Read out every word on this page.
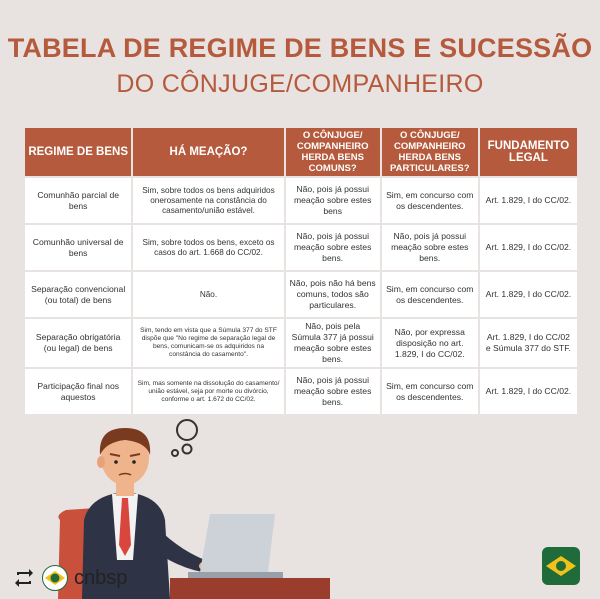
TABELA DE REGIME DE BENS E SUCESSÃO
DO CÔNJUGE/COMPANHEIRO
REGIME DE BENS	HÁ MEAÇÃO?	O CÔNJUGE/ COMPANHEIRO HERDA BENS COMUNS?	O CÔNJUGE/ COMPANHEIRO HERDA BENS PARTICULARES?	FUNDAMENTO LEGAL
Comunhão parcial de bens	Sim, sobre todos os bens adquiridos onerosamente na constância do casamento/união estável.	Não, pois já possui meação sobre estes bens	Sim, em concurso com os descendentes.	Art. 1.829, I do CC/02.
Comunhão universal de bens	Sim, sobre todos os bens, exceto os casos do art. 1.668 do CC/02.	Não, pois já possui meação sobre estes bens.	Não, pois já possui meação sobre estes bens.	Art. 1.829, I do CC/02.
Separação convencional (ou total) de bens	Não.	Não, pois não há bens comuns, todos são particulares.	Sim, em concurso com os descendentes.	Art. 1.829, I do CC/02.
Separação obrigatória (ou legal) de bens	Sim, tendo em vista que a Súmula 377 do STF dispõe que "No regime de separação legal de bens, comunicam-se os adquiridos na constância do casamento".	Não, pois pela Súmula 377 já possui meação sobre estes bens.	Não, por expressa disposição no art. 1.829, I do CC/02.	Art. 1.829, I do CC/02 e Súmula 377 do STF.
Participação final nos aquestos	Sim, mas somente na dissolução do casamento/ união estável, seja por morte ou divórcio, conforme o art. 1.672 do CC/02.	Não, pois já possui meação sobre estes bens.	Sim, em concurso com os descendentes.	Art. 1.829, I do CC/02.
cnbsp
